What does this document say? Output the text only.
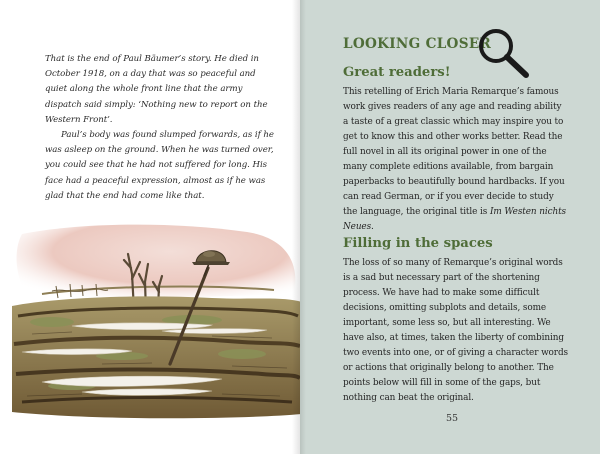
That is the end of Paul Bäumer’s story. He died in October 1918, on a day that was so peaceful and quiet along the whole front line that the army dispatch said simply: ‘Nothing new to report on the Western Front’.

Paul’s body was found slumped forwards, as if he was asleep on the ground. When he was turned over, you could see that he had not suffered for long. His face had a peaceful expression, almost as if he was glad that the end had come like that.

LOOKING CLOSER
Great readers!

This retelling of Erich Maria Remarque’s famous work gives readers of any age and reading ability a taste of a great classic which may inspire you to get to know this and other works better. Read the full novel in all its original power in one of the many complete editions available, from bargain paperbacks to beautifully bound hardbacks. If you can read German, or if you ever decide to study the language, the original title is Im Westen nichts Neues.

Filling in the spaces

The loss of so many of Remarque’s original words is a sad but necessary part of the shortening process. We have had to make some difficult decisions, omitting subplots and details, some important, some less so, but all interesting. We have also, at times, taken the liberty of combining two events into one, or of giving a character words or actions that originally belong to another. The points below will fill in some of the gaps, but nothing can beat the original.

55
